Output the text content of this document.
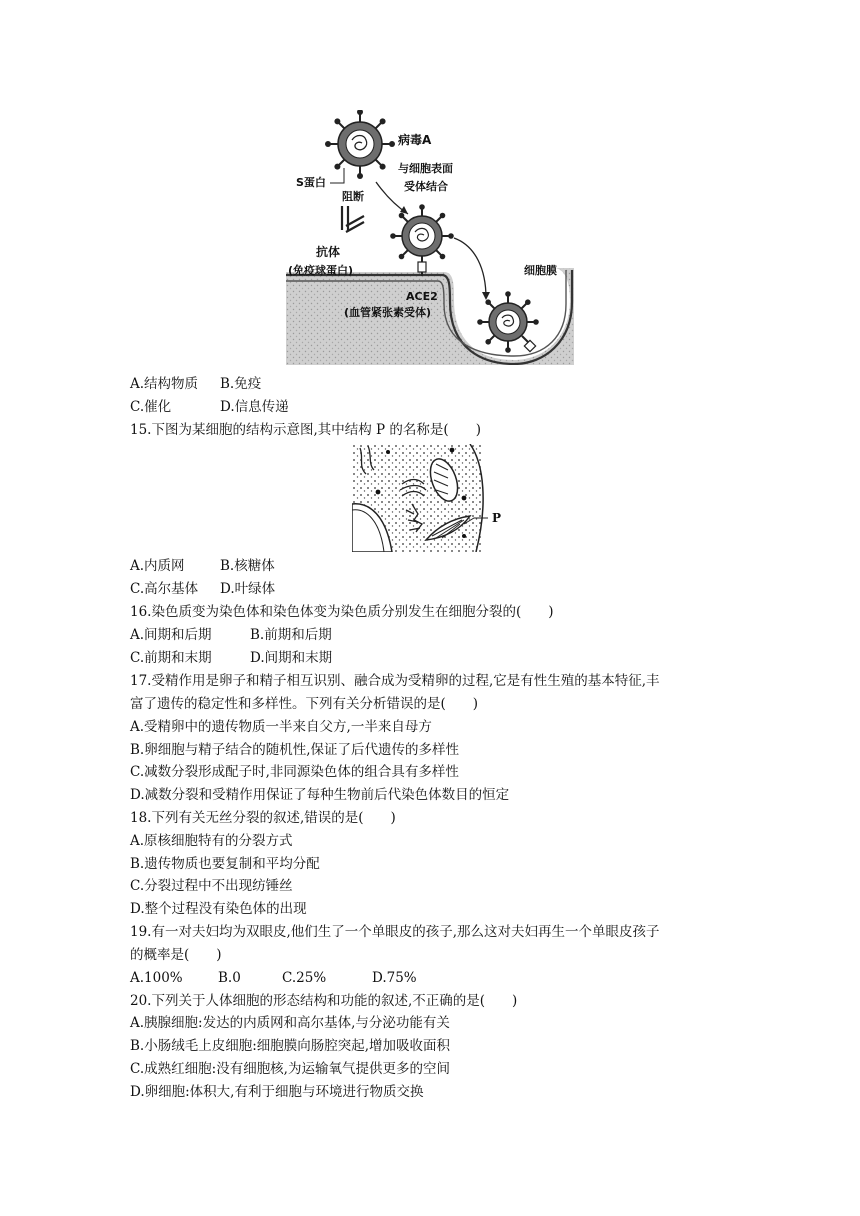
病毒A
与细胞表面
受体结合
S蛋白
阻断
抗体
(免疫球蛋白)	细胞膜
ACE2
(血管紧张素受体)
A.结构物质 B.免疫
C.催化	D.信息传递
15.下图为某细胞的结构示意图,其中结构 P 的名称是(　　)
P
A.内质网	B.核糖体
C.高尔基体 D.叶绿体
16.染色质变为染色体和染色体变为染色质分别发生在细胞分裂的(　　)
A.间期和后期	B.前期和后期
C.前期和末期	D.间期和末期
17.受精作用是卵子和精子相互识别、融合成为受精卵的过程,它是有性生殖的基本特征,丰
富了遗传的稳定性和多样性。下列有关分析错误的是(　　)
A.受精卵中的遗传物质一半来自父方,一半来自母方
B.卵细胞与精子结合的随机性,保证了后代遗传的多样性
C.减数分裂形成配子时,非同源染色体的组合具有多样性
D.减数分裂和受精作用保证了每种生物前后代染色体数目的恒定
18.下列有关无丝分裂的叙述,错误的是(　　)
A.原核细胞特有的分裂方式
B.遗传物质也要复制和平均分配
C.分裂过程中不出现纺锤丝
D.整个过程没有染色体的出现
19.有一对夫妇均为双眼皮,他们生了一个单眼皮的孩子,那么这对夫妇再生一个单眼皮孩子
的概率是(　　)
A.100%	B.0	C.25%	D.75%
20.下列关于人体细胞的形态结构和功能的叙述,不正确的是(　　)
A.胰腺细胞:发达的内质网和高尔基体,与分泌功能有关
B.小肠绒毛上皮细胞:细胞膜向肠腔突起,增加吸收面积
C.成熟红细胞:没有细胞核,为运输氧气提供更多的空间
D.卵细胞:体积大,有利于细胞与环境进行物质交换
